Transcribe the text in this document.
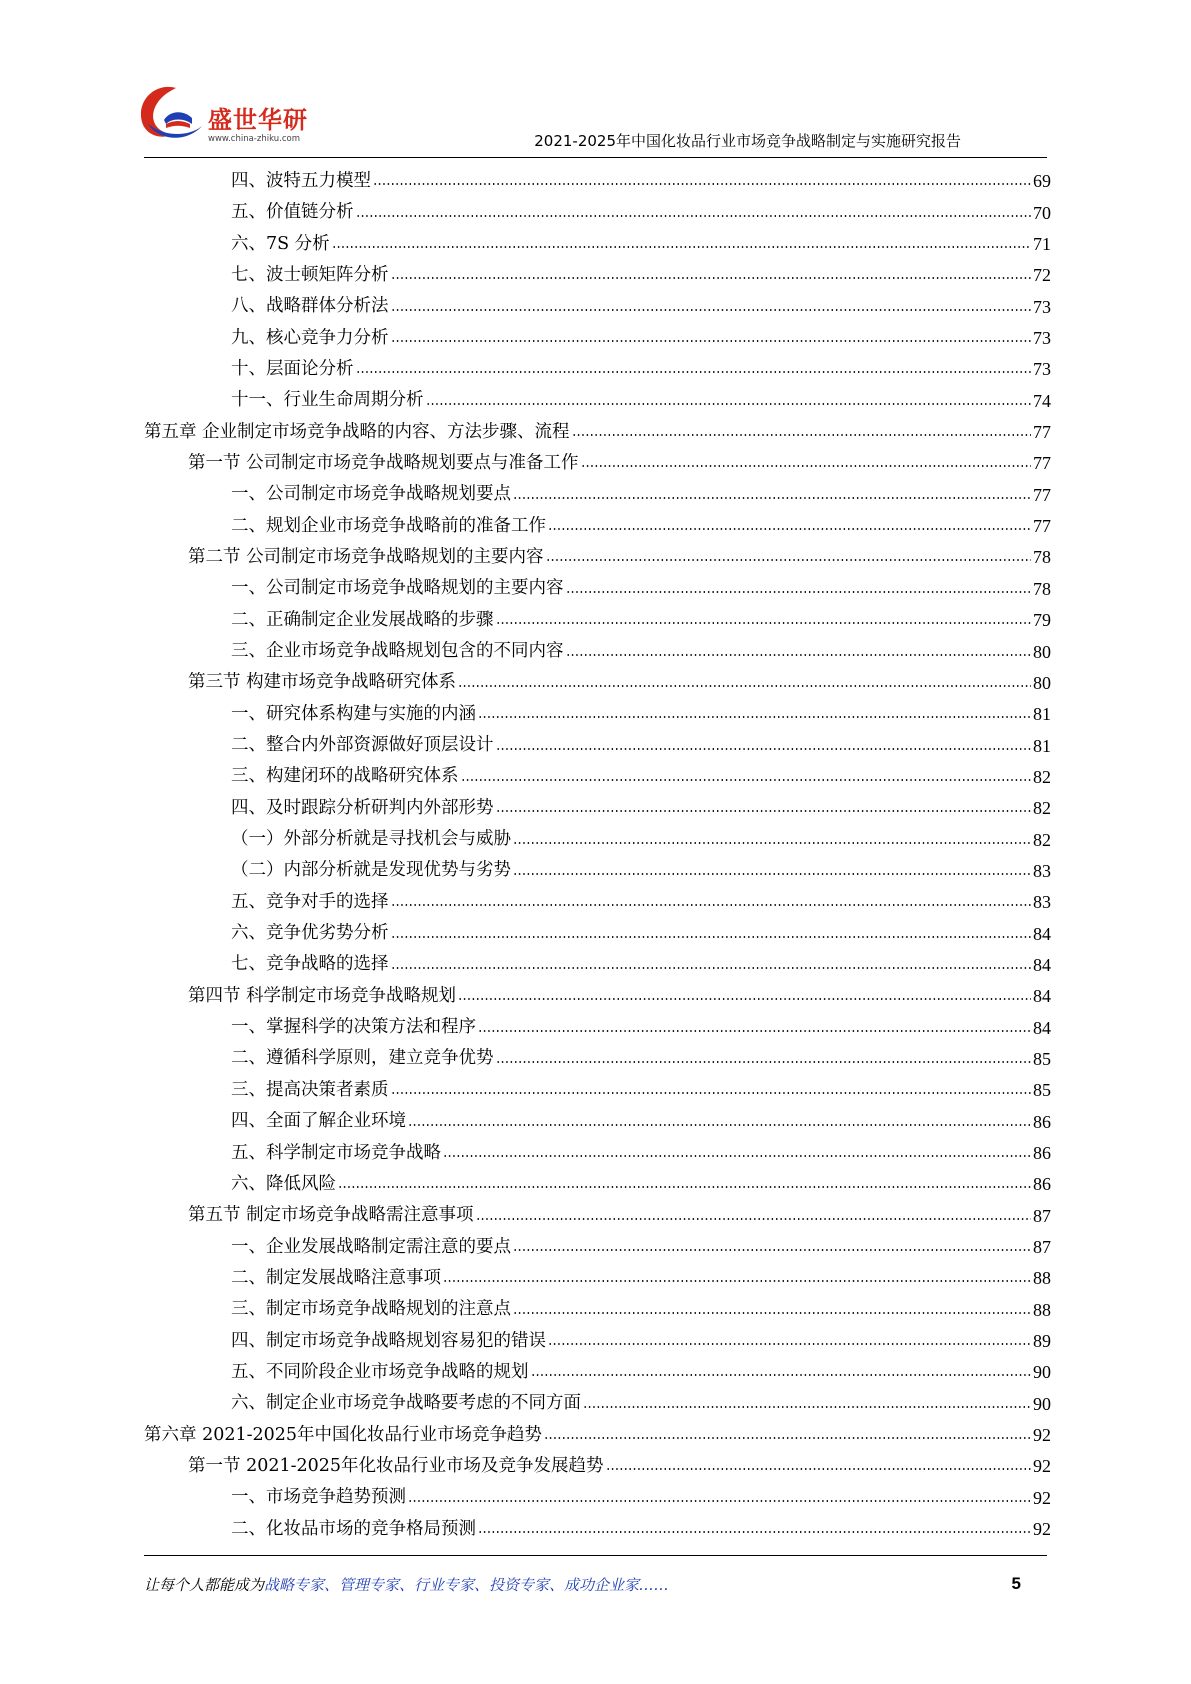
盛世华研
www.china-zhiku.com	2021-2025年中国化妆品行业市场竞争战略制定与实施研究报告
四、波特五力模型	69
五、价值链分析	70
六、7S 分析	71
七、波士顿矩阵分析	72
八、战略群体分析法	73
九、核心竞争力分析	73
十、层面论分析	73
十一、行业生命周期分析	74
第五章 企业制定市场竞争战略的内容、方法步骤、流程	77
第一节 公司制定市场竞争战略规划要点与准备工作	77
一、公司制定市场竞争战略规划要点	77
二、规划企业市场竞争战略前的准备工作	77
第二节 公司制定市场竞争战略规划的主要内容	78
一、公司制定市场竞争战略规划的主要内容	78
二、正确制定企业发展战略的步骤	79
三、企业市场竞争战略规划包含的不同内容	80
第三节 构建市场竞争战略研究体系	80
一、研究体系构建与实施的内涵	81
二、整合内外部资源做好顶层设计	81
三、构建闭环的战略研究体系	82
四、及时跟踪分析研判内外部形势	82
（一）外部分析就是寻找机会与威胁	82
（二）内部分析就是发现优势与劣势	83
五、竞争对手的选择	83
六、竞争优劣势分析	84
七、竞争战略的选择	84
第四节 科学制定市场竞争战略规划	84
一、掌握科学的决策方法和程序	84
二、遵循科学原则，建立竞争优势	85
三、提高决策者素质	85
四、全面了解企业环境	86
五、科学制定市场竞争战略	86
六、降低风险	86
第五节 制定市场竞争战略需注意事项	87
一、企业发展战略制定需注意的要点	87
二、制定发展战略注意事项	88
三、制定市场竞争战略规划的注意点	88
四、制定市场竞争战略规划容易犯的错误	89
五、不同阶段企业市场竞争战略的规划	90
六、制定企业市场竞争战略要考虑的不同方面	90
第六章 2021-2025年中国化妆品行业市场竞争趋势	92
第一节 2021-2025年化妆品行业市场及竞争发展趋势	92
一、市场竞争趋势预测	92
二、化妆品市场的竞争格局预测	92
让每个人都能成为战略专家、管理专家、行业专家、投资专家、成功企业家……	5
